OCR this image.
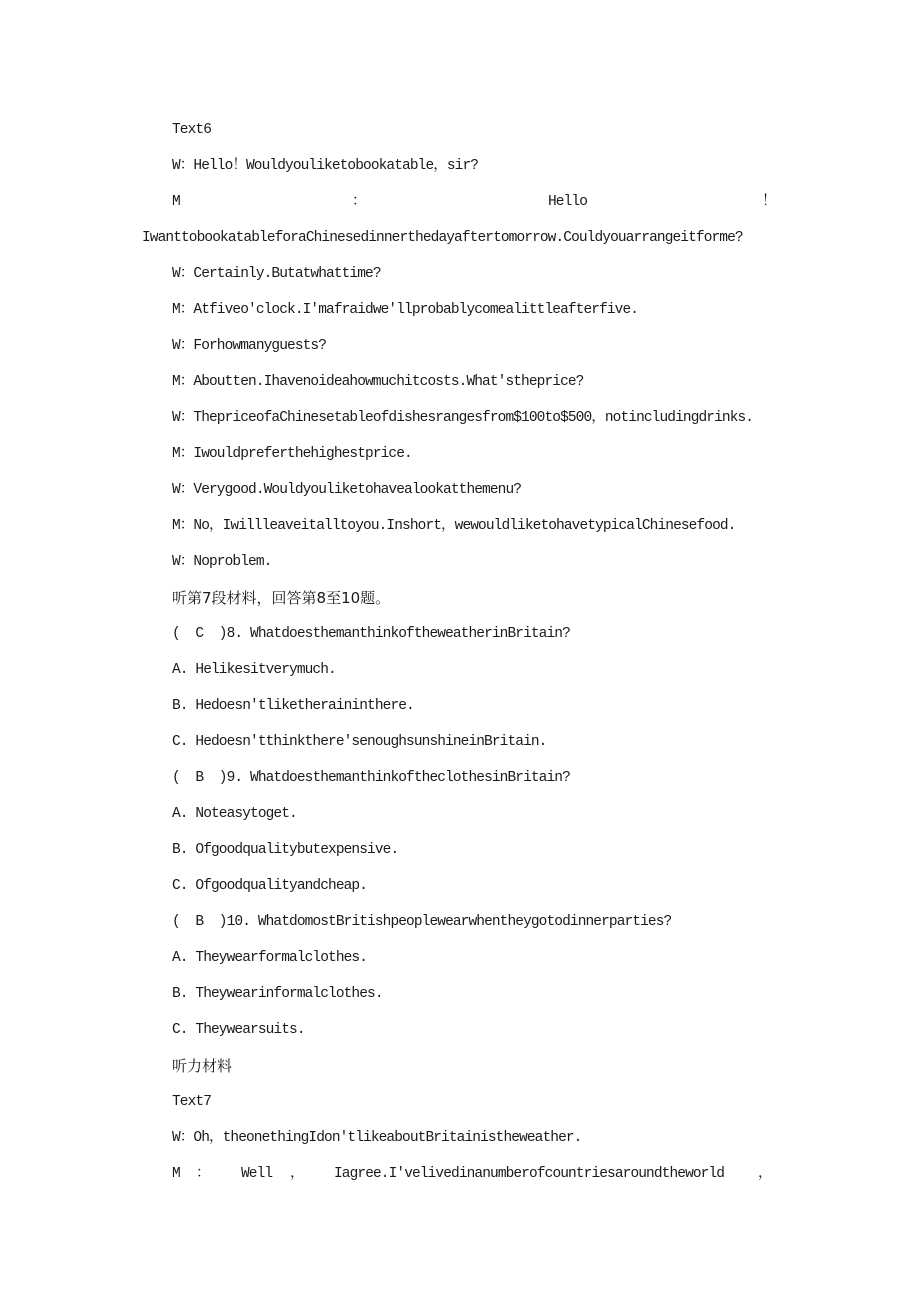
Text6
W：Hello！Wouldyouliketobookatable，sir?
M	：	Hello	！
IwanttobookatableforaChinesedinnerthedayaftertomorrow.Couldyouarrangeitforme?
W：Certainly.Butatwhattime?
M：Atfiveo'clock.I'mafraidwe'llprobablycomealittleafterfive.
W：Forhowmanyguests?
M：Aboutten.Ihavenoideahowmuchitcosts.What'stheprice?
W：ThepriceofaChinesetableofdishesrangesfrom$100to$500，notincludingdrinks.
M：Iwouldpreferthehighestprice.
W：Verygood.Wouldyouliketohavealookatthemenu?
M：No，Iwillleaveitalltoyou.Inshort，wewouldliketohavetypicalChinesefood.
W：Noproblem.
听第7段材料，回答第8至10题。
(  C  )8. WhatdoesthemanthinkoftheweatherinBritain?
A. Helikesitverymuch.
B. Hedoesn'tliketheraininthere.
C. Hedoesn'tthinkthere'senoughsunshineinBritain.
(  B  )9. WhatdoesthemanthinkoftheclothesinBritain?
A. Noteasytoget.
B. Ofgoodqualitybutexpensive.
C. Ofgoodqualityandcheap.
(  B  )10. WhatdomostBritishpeoplewearwhentheygotodinnerparties?
A. Theywearformalclothes.
B. Theywearinformalclothes.
C. Theywearsuits.
听力材料
Text7
W：Oh，theonethingIdon'tlikeaboutBritainistheweather.
M ： Well ， Iagree.I'velivedinanumberofcountriesaroundtheworld ，
